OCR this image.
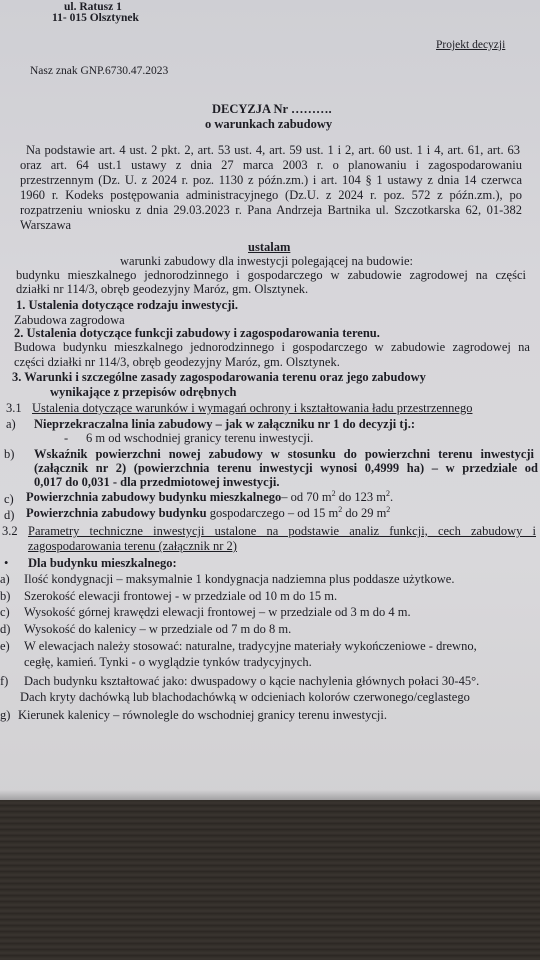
ul. Ratusz 1
11- 015 Olsztynek
Projekt decyzji
Nasz znak GNP.6730.47.2023
DECYZJA Nr ……….
o warunkach zabudowy
Na podstawie art. 4 ust. 2 pkt. 2, art. 53 ust. 4, art. 59 ust. 1 i 2, art. 60 ust. 1 i 4, art. 61, art. 63
oraz art. 64 ust.1 ustawy z dnia 27 marca 2003 r. o planowaniu i zagospodarowaniu
przestrzennym (Dz. U. z 2024 r. poz. 1130 z późn.zm.) i art. 104 § 1 ustawy z dnia 14 czerwca
1960 r. Kodeks postępowania administracyjnego (Dz.U. z 2024 r. poz. 572 z późn.zm.), po
rozpatrzeniu wniosku z dnia 29.03.2023 r. Pana Andrzeja Bartnika ul. Szczotkarska 62, 01-382
Warszawa
ustalam
warunki zabudowy dla inwestycji polegającej na budowie:
budynku mieszkalnego jednorodzinnego i gospodarczego w zabudowie zagrodowej na części
działki nr 114/3, obręb geodezyjny Maróz, gm. Olsztynek.
1. Ustalenia dotyczące rodzaju inwestycji.
Zabudowa zagrodowa
2. Ustalenia dotyczące funkcji zabudowy i zagospodarowania terenu.
Budowa budynku mieszkalnego jednorodzinnego i gospodarczego w zabudowie zagrodowej na
części działki nr 114/3, obręb geodezyjny Maróz, gm. Olsztynek.
3. Warunki i szczególne zasady zagospodarowania terenu oraz jego zabudowy
wynikające z przepisów odrębnych
3.1 Ustalenia dotyczące warunków i wymagań ochrony i kształtowania ładu przestrzennego
a) Nieprzekraczalna linia zabudowy – jak w załączniku nr 1 do decyzji tj.:
- 6 m od wschodniej granicy terenu inwestycji.
b) Wskaźnik powierzchni nowej zabudowy w stosunku do powierzchni terenu inwestycji
(załącznik nr 2) (powierzchnia terenu inwestycji wynosi 0,4999 ha) – w przedziale od
0,017 do 0,031 - dla przedmiotowej inwestycji.
c) Powierzchnia zabudowy budynku mieszkalnego– od 70 $m^2$ do 123 $m^2$.
d) Powierzchnia zabudowy budynku gospodarczego – od 15 $m^2$ do 29 $m^2$
3.2 Parametry techniczne inwestycji ustalone na podstawie analiz funkcji, cech zabudowy i
zagospodarowania terenu (załącznik nr 2)
• Dla budynku mieszkalnego:
a) Ilość kondygnacji – maksymalnie 1 kondygnacja nadziemna plus poddasze użytkowe.
b) Szerokość elewacji frontowej - w przedziale od 10 m do 15 m.
c) Wysokość górnej krawędzi elewacji frontowej – w przedziale od 3 m do 4 m.
d) Wysokość do kalenicy – w przedziale od 7 m do 8 m.
e) W elewacjach należy stosować: naturalne, tradycyjne materiały wykończeniowe - drewno,
cegłę, kamień. Tynki - o wyglądzie tynków tradycyjnych.
f) Dach budynku kształtować jako: dwuspadowy o kącie nachylenia głównych połaci 30-45°.
Dach kryty dachówką lub blachodachówką w odcieniach kolorów czerwonego/ceglastego
g) Kierunek kalenicy – równolegle do wschodniej granicy terenu inwestycji.
